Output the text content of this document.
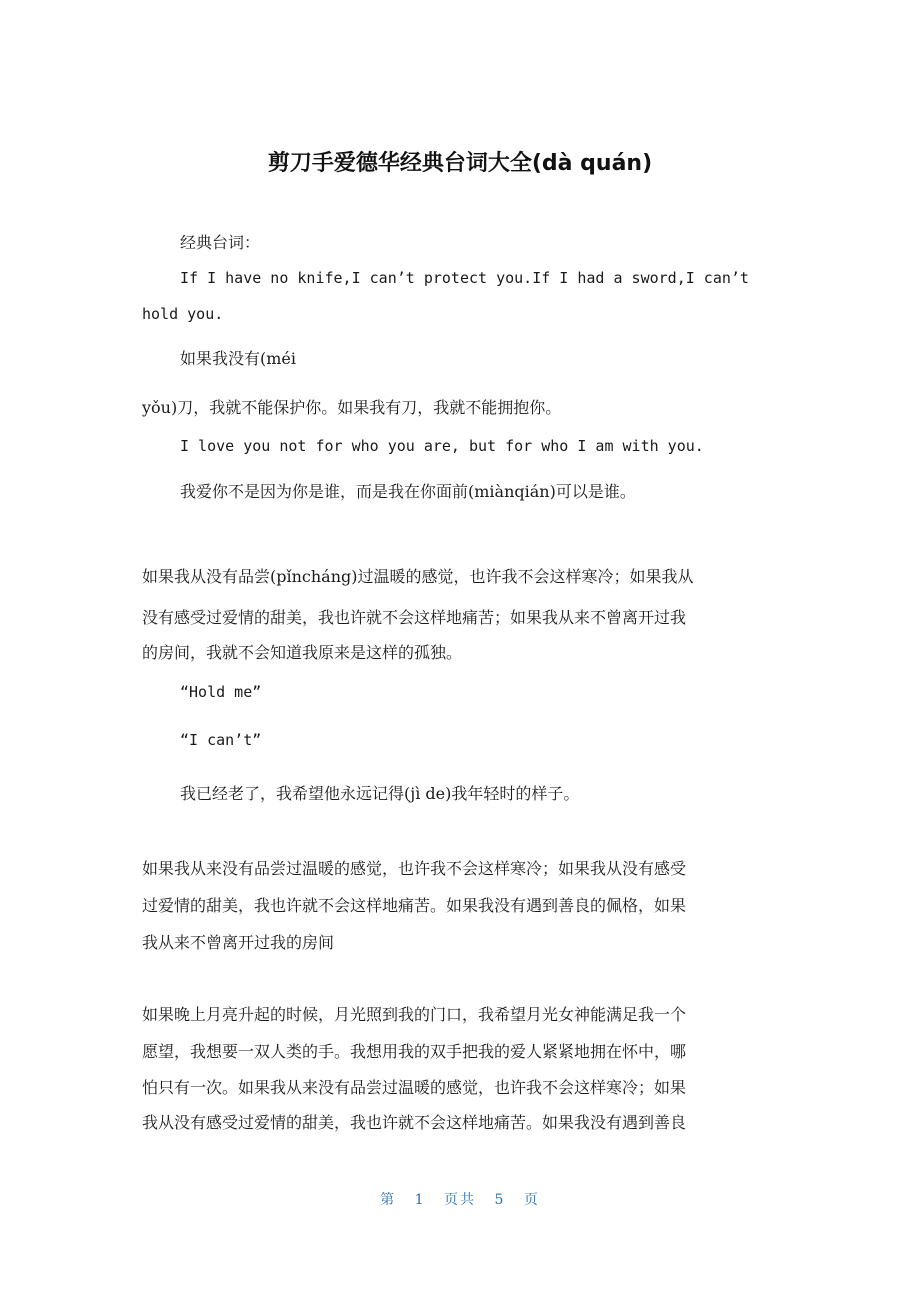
剪刀手爱德华经典台词大全(dà quán)
经典台词：
If I have no knife,I can’t protect you.If I had a sword,I can’t
hold you.
如果我没有(méi
yǒu)刀，我就不能保护你。如果我有刀，我就不能拥抱你。
I love you not for who you are, but for who I am with you.
我爱你不是因为你是谁，而是我在你面前(miànqián)可以是谁。
如果我从没有品尝(pǐncháng)过温暖的感觉，也许我不会这样寒冷；如果我从
没有感受过爱情的甜美，我也许就不会这样地痛苦；如果我从来不曾离开过我
的房间，我就不会知道我原来是这样的孤独。
“Hold me”
“I can’t”
我已经老了，我希望他永远记得(jì de)我年轻时的样子。
如果我从来没有品尝过温暖的感觉，也许我不会这样寒冷；如果我从没有感受
过爱情的甜美，我也许就不会这样地痛苦。如果我没有遇到善良的佩格，如果
我从来不曾离开过我的房间
如果晚上月亮升起的时候，月光照到我的门口，我希望月光女神能满足我一个
愿望，我想要一双人类的手。我想用我的双手把我的爱人紧紧地拥在怀中，哪
怕只有一次。如果我从来没有品尝过温暖的感觉，也许我不会这样寒冷；如果
我从没有感受过爱情的甜美，我也许就不会这样地痛苦。如果我没有遇到善良
第 1 页共 5 页
